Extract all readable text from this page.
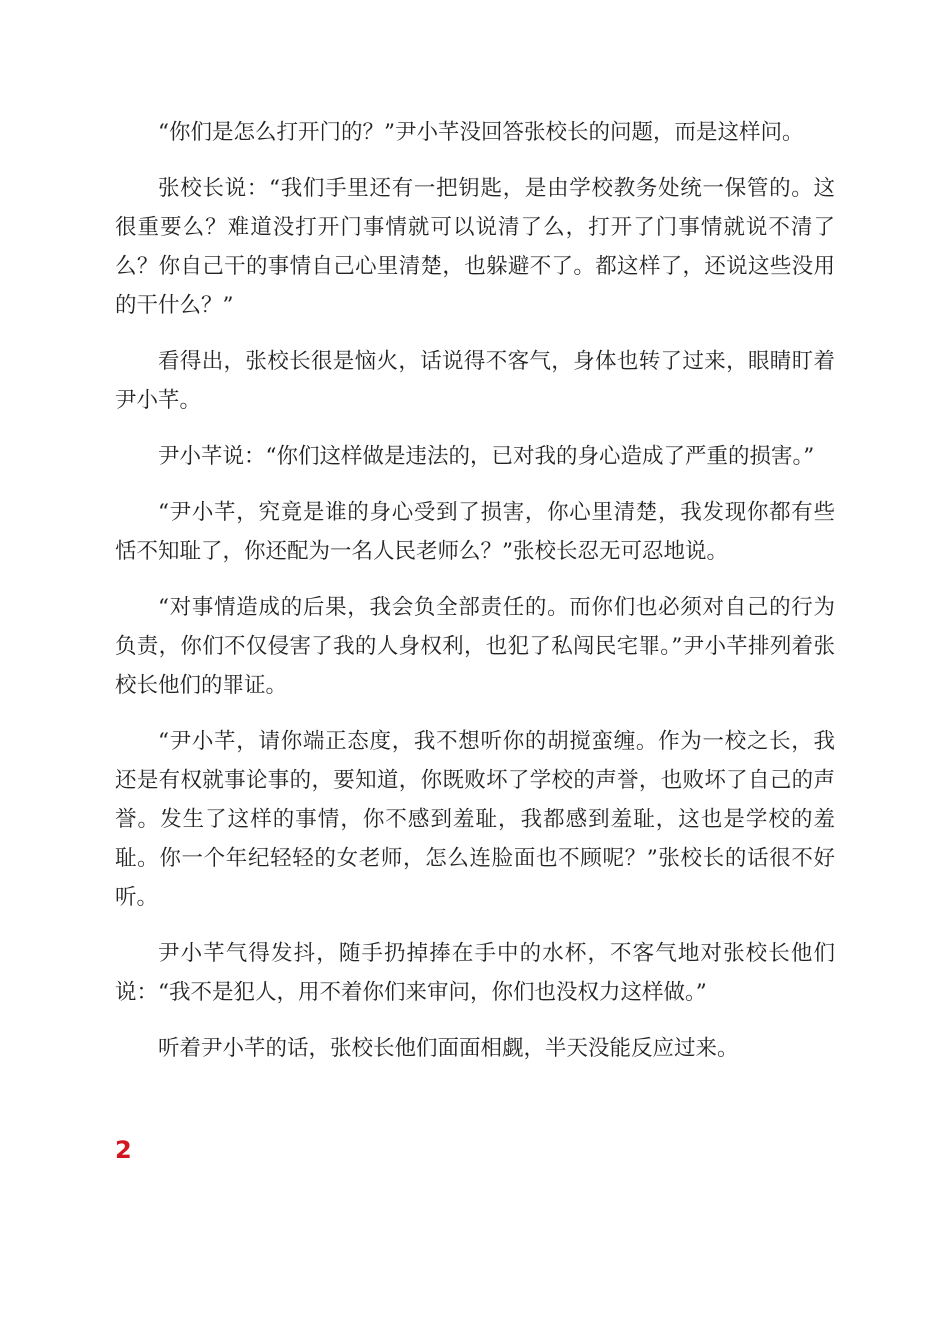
“你们是怎么打开门的？”尹小芊没回答张校长的问题，而是这样问。

张校长说：“我们手里还有一把钥匙，是由学校教务处统一保管的。这很重要么？难道没打开门事情就可以说清了么，打开了门事情就说不清了么？你自己干的事情自己心里清楚，也躲避不了。都这样了，还说这些没用的干什么？”

看得出，张校长很是恼火，话说得不客气，身体也转了过来，眼睛盯着尹小芊。

尹小芊说：“你们这样做是违法的，已对我的身心造成了严重的损害。”

“尹小芊，究竟是谁的身心受到了损害，你心里清楚，我发现你都有些恬不知耻了，你还配为一名人民老师么？”张校长忍无可忍地说。

“对事情造成的后果，我会负全部责任的。而你们也必须对自己的行为负责，你们不仅侵害了我的人身权利，也犯了私闯民宅罪。”尹小芊排列着张校长他们的罪证。

“尹小芊，请你端正态度，我不想听你的胡搅蛮缠。作为一校之长，我还是有权就事论事的，要知道，你既败坏了学校的声誉，也败坏了自己的声誉。发生了这样的事情，你不感到羞耻，我都感到羞耻，这也是学校的羞耻。你一个年纪轻轻的女老师，怎么连脸面也不顾呢？”张校长的话很不好听。

尹小芊气得发抖，随手扔掉捧在手中的水杯，不客气地对张校长他们说：“我不是犯人，用不着你们来审问，你们也没权力这样做。”

听着尹小芊的话，张校长他们面面相觑，半天没能反应过来。

2
